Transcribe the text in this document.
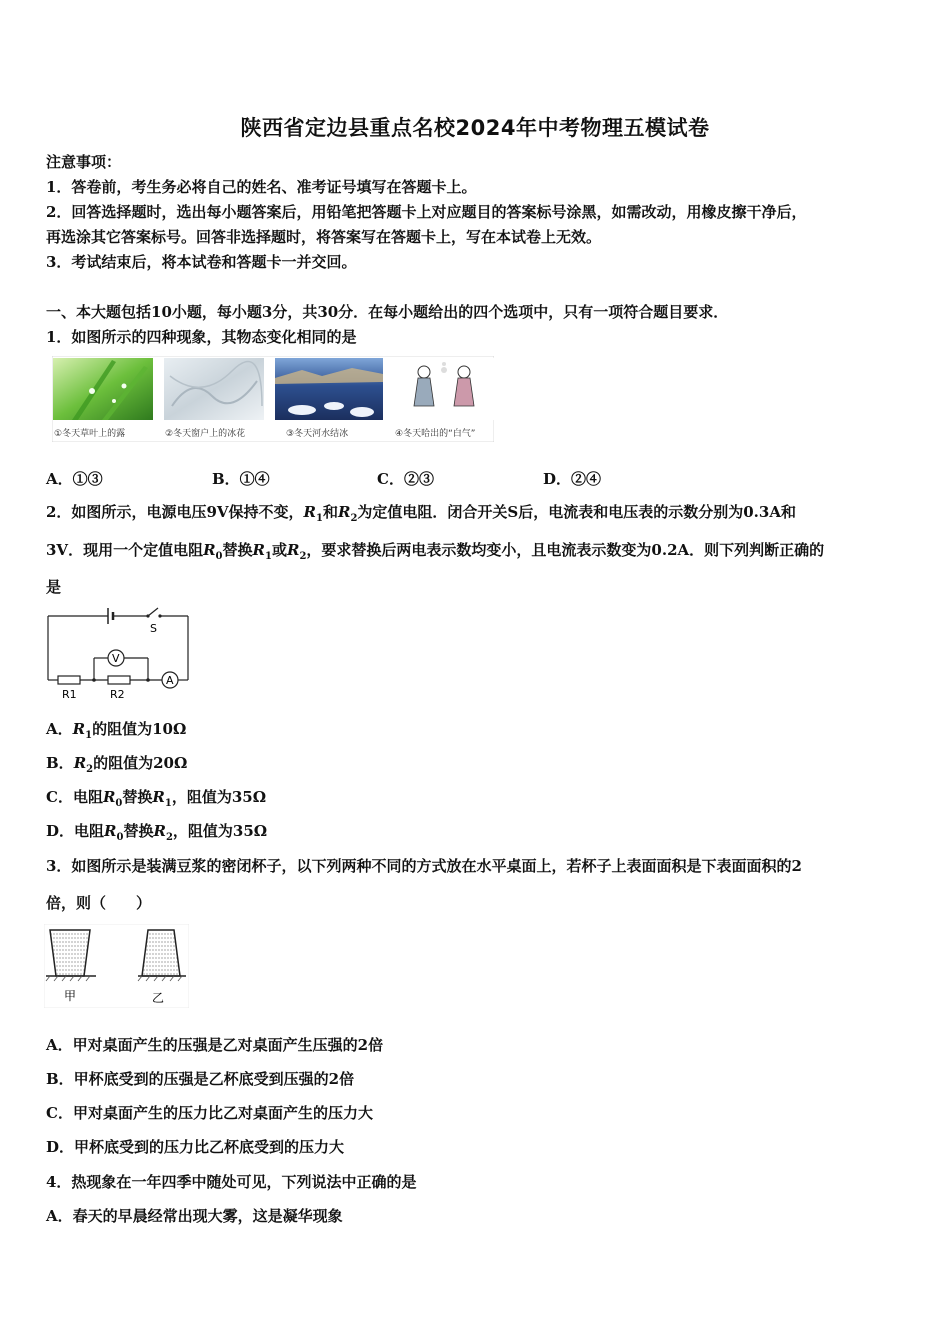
陕西省定边县重点名校2024年中考物理五模试卷
注意事项：
1．答卷前，考生务必将自己的姓名、准考证号填写在答题卡上。
2．回答选择题时，选出每小题答案后，用铅笔把答题卡上对应题目的答案标号涂黑，如需改动，用橡皮擦干净后，
再选涂其它答案标号。回答非选择题时，将答案写在答题卡上，写在本试卷上无效。
3．考试结束后，将本试卷和答题卡一并交回。
一、本大题包括10小题，每小题3分，共30分．在每小题给出的四个选项中，只有一项符合题目要求．
1．如图所示的四种现象，其物态变化相同的是
①冬天草叶上的露	②冬天窗户上的冰花	③冬天河水结冰	④冬天哈出的“白气”
A．①③	B．①④	C．②③	D．②④
2．如图所示，电源电压9V保持不变，$R_1$和$R_2$为定值电阻．闭合开关S后，电流表和电压表的示数分别为0.3A和
3V．现用一个定值电阻$R_0$替换$R_1$或$R_2$，要求替换后两电表示数均变小，且电流表示数变为0.2A．则下列判断正确的
是
S
A
V
R1	R2
A．$R_1$的阻值为10Ω
B．$R_2$的阻值为20Ω
C．电阻$R_0$替换$R_1$，阻值为35Ω
D．电阻$R_0$替换$R_2$，阻值为35Ω
3．如图所示是装满豆浆的密闭杯子，以下列两种不同的方式放在水平桌面上，若杯子上表面面积是下表面面积的2
倍，则（　　）
甲	乙
A．甲对桌面产生的压强是乙对桌面产生压强的2倍
B．甲杯底受到的压强是乙杯底受到压强的2倍
C．甲对桌面产生的压力比乙对桌面产生的压力大
D．甲杯底受到的压力比乙杯底受到的压力大
4．热现象在一年四季中随处可见，下列说法中正确的是
A．春天的早晨经常出现大雾，这是凝华现象
